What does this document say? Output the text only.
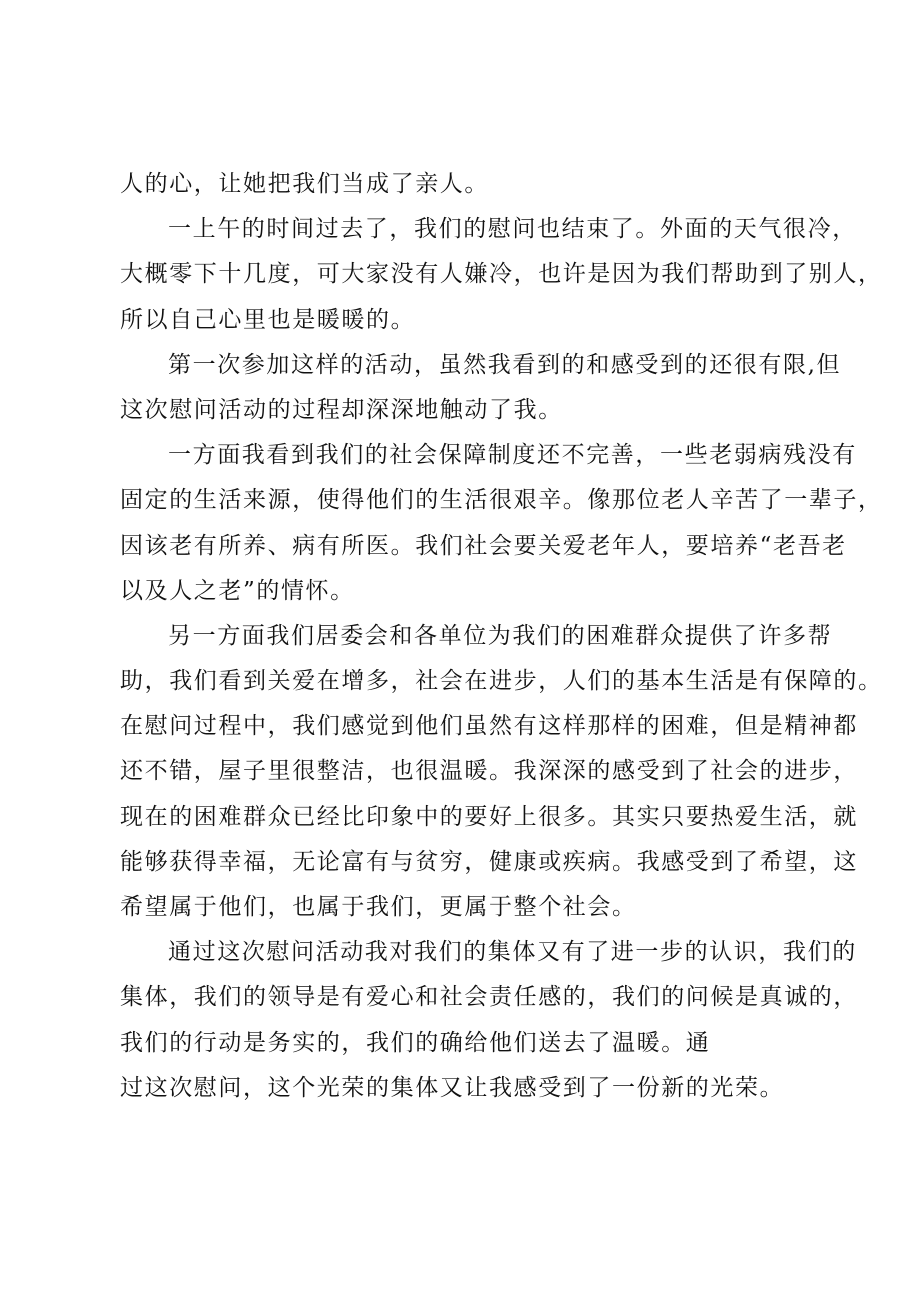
人的心，让她把我们当成了亲人。
一上午的时间过去了，我们的慰问也结束了。外面的天气很冷，
大概零下十几度，可大家没有人嫌冷，也许是因为我们帮助到了别人，
所以自己心里也是暖暖的。
第一次参加这样的活动，虽然我看到的和感受到的还很有限,但
这次慰问活动的过程却深深地触动了我。
一方面我看到我们的社会保障制度还不完善，一些老弱病残没有
固定的生活来源，使得他们的生活很艰辛。像那位老人辛苦了一辈子，
因该老有所养、病有所医。我们社会要关爱老年人，要培养“老吾老
以及人之老”的情怀。
另一方面我们居委会和各单位为我们的困难群众提供了许多帮
助，我们看到关爱在增多，社会在进步，人们的基本生活是有保障的。
在慰问过程中，我们感觉到他们虽然有这样那样的困难，但是精神都
还不错，屋子里很整洁，也很温暖。我深深的感受到了社会的进步，
现在的困难群众已经比印象中的要好上很多。其实只要热爱生活，就
能够获得幸福，无论富有与贫穷，健康或疾病。我感受到了希望，这
希望属于他们，也属于我们，更属于整个社会。
通过这次慰问活动我对我们的集体又有了进一步的认识，我们的
集体，我们的领导是有爱心和社会责任感的，我们的问候是真诚的，
我们的行动是务实的，我们的确给他们送去了温暖。通
过这次慰问，这个光荣的集体又让我感受到了一份新的光荣。
